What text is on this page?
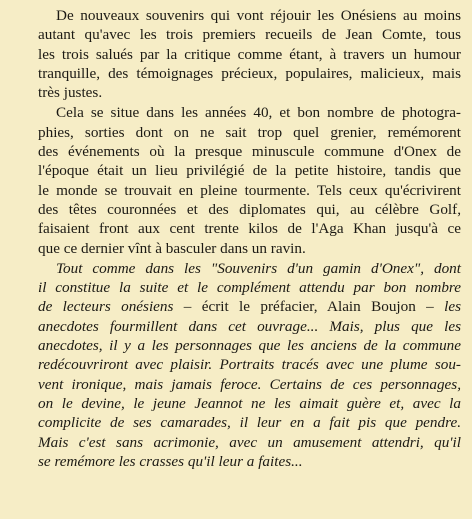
De nouveaux souvenirs qui vont réjouir les Onésiens au moins
autant qu'avec les trois premiers recueils de Jean Comte, tous
les trois salués par la critique comme étant, à travers un humour
tranquille, des témoignages précieux, populaires, malicieux, mais
très justes.

Cela se situe dans les années 40, et bon nombre de photogra-
phies, sorties dont on ne sait trop quel grenier, remémorent
des événements où la presque minuscule commune d'Onex de
l'époque était un lieu privilégié de la petite histoire, tandis que
le monde se trouvait en pleine tourmente. Tels ceux qu'écrivirent
des têtes couronnées et des diplomates qui, au célèbre Golf,
faisaient front aux cent trente kilos de l'Aga Khan jusqu'à ce
que ce dernier vînt à basculer dans un ravin.

Tout comme dans les "Souvenirs d'un gamin d'Onex", dont
il constitue la suite et le complément attendu par bon nombre
de lecteurs onésiens – écrit le préfacier, Alain Boujon – les
anecdotes fourmillent dans cet ouvrage... Mais, plus que les
anecdotes, il y a les personnages que les anciens de la commune
redécouvriront avec plaisir. Portraits tracés avec une plume sou-
vent ironique, mais jamais feroce. Certains de ces personnages,
on le devine, le jeune Jeannot ne les aimait guère et, avec la
complicite de ses camarades, il leur en a fait pis que pendre.
Mais c'est sans acrimonie, avec un amusement attendri, qu'il
se remémore les crasses qu'il leur a faites...
